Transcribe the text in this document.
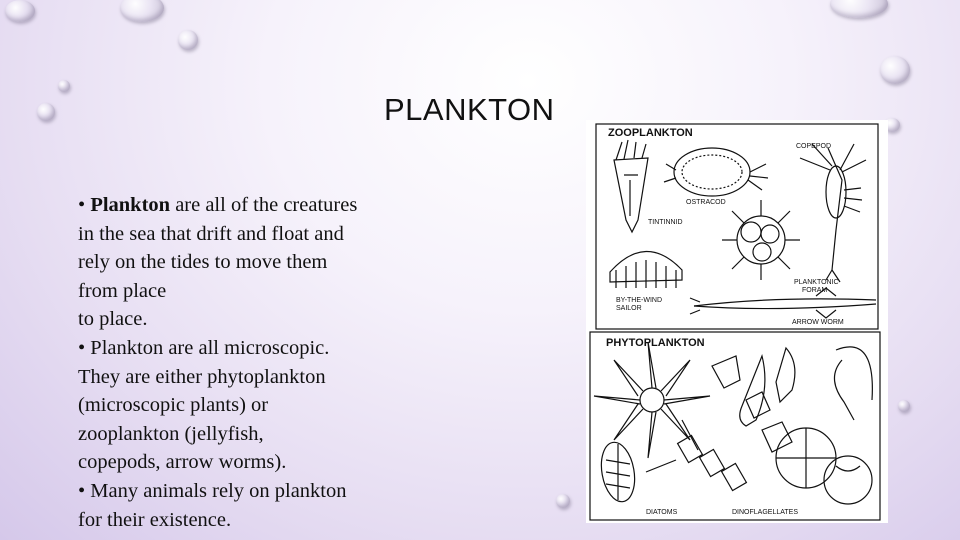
PLANKTON
• Plankton are all of the creatures
in the sea that drift and float and
rely on the tides to move them
from place
to place.
• Plankton are all microscopic.
They are either phytoplankton
(microscopic plants) or
zooplankton (jellyfish,
copepods, arrow worms).
• Many animals rely on plankton
for their existence.
ZOOPLANKTON
COPEPOD
OSTRACOD
TINTINNID
PLANKTONIC
FORAM
BY-THE-WIND
SAILOR
ARROW WORM
PHYTOPLANKTON
DIATOMS	DINOFLAGELLATES
